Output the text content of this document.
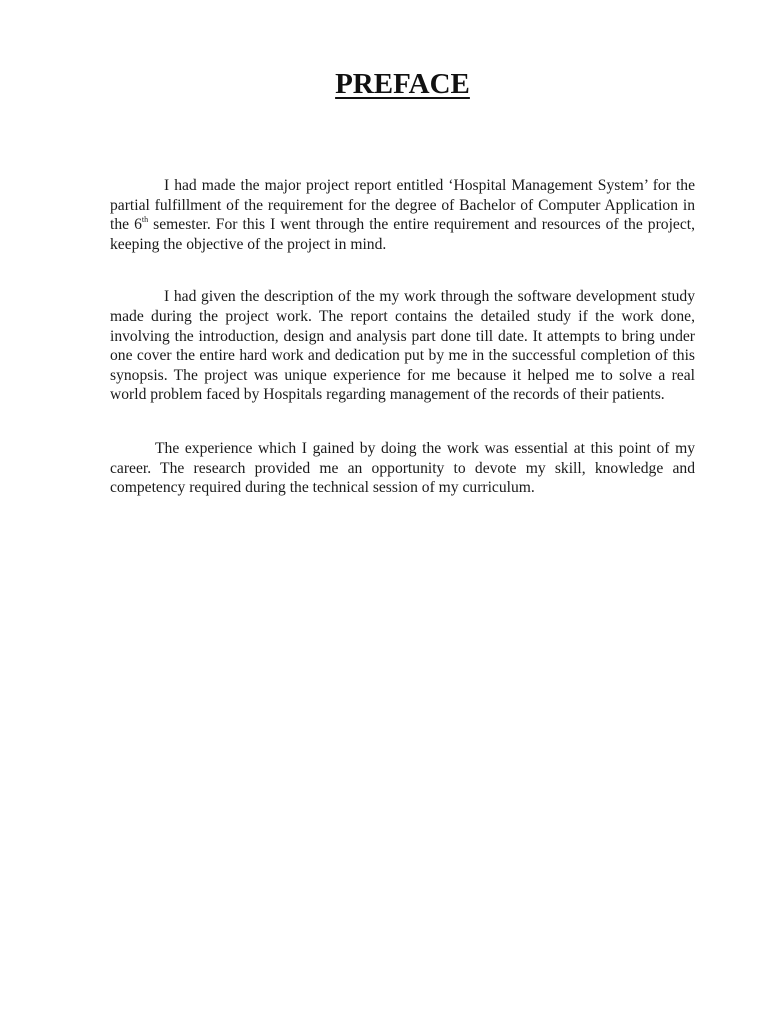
PREFACE

I had made the major project report entitled ‘Hospital Management System’ for the partial fulfillment of the requirement for the degree of Bachelor of Computer Application in the 6th semester. For this I went through the entire requirement and resources of the project, keeping the objective of the project in mind.

I had given the description of the my work through the software development study made during the project work. The report contains the detailed study if the work done, involving the introduction, design and analysis part done till date. It attempts to bring under one cover the entire hard work and dedication put by me in the successful completion of this synopsis. The project was unique experience for me because it helped me to solve a real world problem faced by Hospitals regarding management of the records of their patients.

The experience which I gained by doing the work was essential at this point of my career. The research provided me an opportunity to devote my skill, knowledge and competency required during the technical session of my curriculum.
